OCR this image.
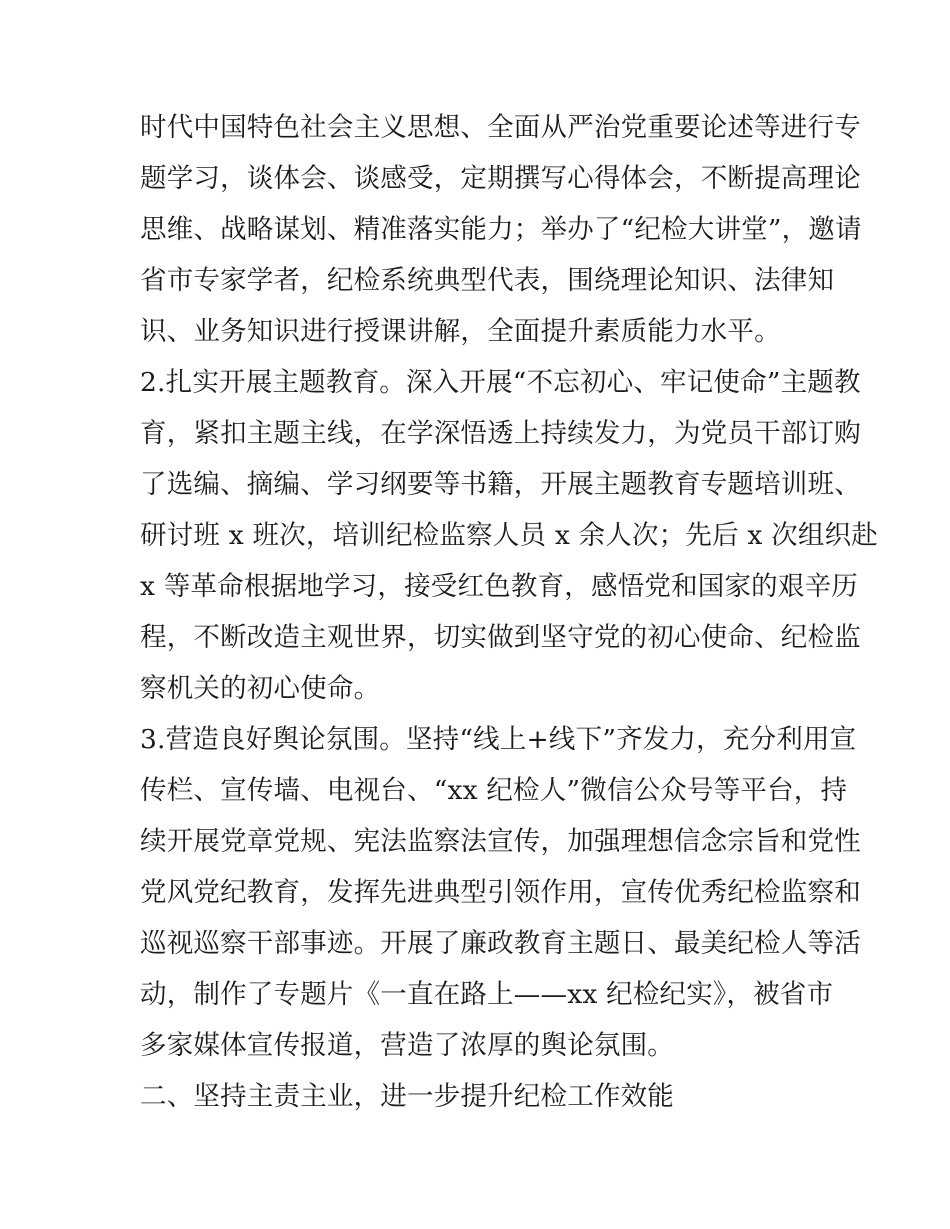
时代中国特色社会主义思想、全面从严治党重要论述等进行专
题学习，谈体会、谈感受，定期撰写心得体会，不断提高理论
思维、战略谋划、精准落实能力；举办了“纪检大讲堂”，邀请
省市专家学者，纪检系统典型代表，围绕理论知识、法律知
识、业务知识进行授课讲解，全面提升素质能力水平。
2.扎实开展主题教育。深入开展“不忘初心、牢记使命”主题教
育，紧扣主题主线，在学深悟透上持续发力，为党员干部订购
了选编、摘编、学习纲要等书籍，开展主题教育专题培训班、
研讨班 x 班次，培训纪检监察人员 x 余人次；先后 x 次组织赴
x 等革命根据地学习，接受红色教育，感悟党和国家的艰辛历
程，不断改造主观世界，切实做到坚守党的初心使命、纪检监
察机关的初心使命。
3.营造良好舆论氛围。坚持“线上+线下”齐发力，充分利用宣
传栏、宣传墙、电视台、“xx 纪检人”微信公众号等平台，持
续开展党章党规、宪法监察法宣传，加强理想信念宗旨和党性
党风党纪教育，发挥先进典型引领作用，宣传优秀纪检监察和
巡视巡察干部事迹。开展了廉政教育主题日、最美纪检人等活
动，制作了专题片《一直在路上——xx 纪检纪实》，被省市
多家媒体宣传报道，营造了浓厚的舆论氛围。
二、坚持主责主业，进一步提升纪检工作效能
